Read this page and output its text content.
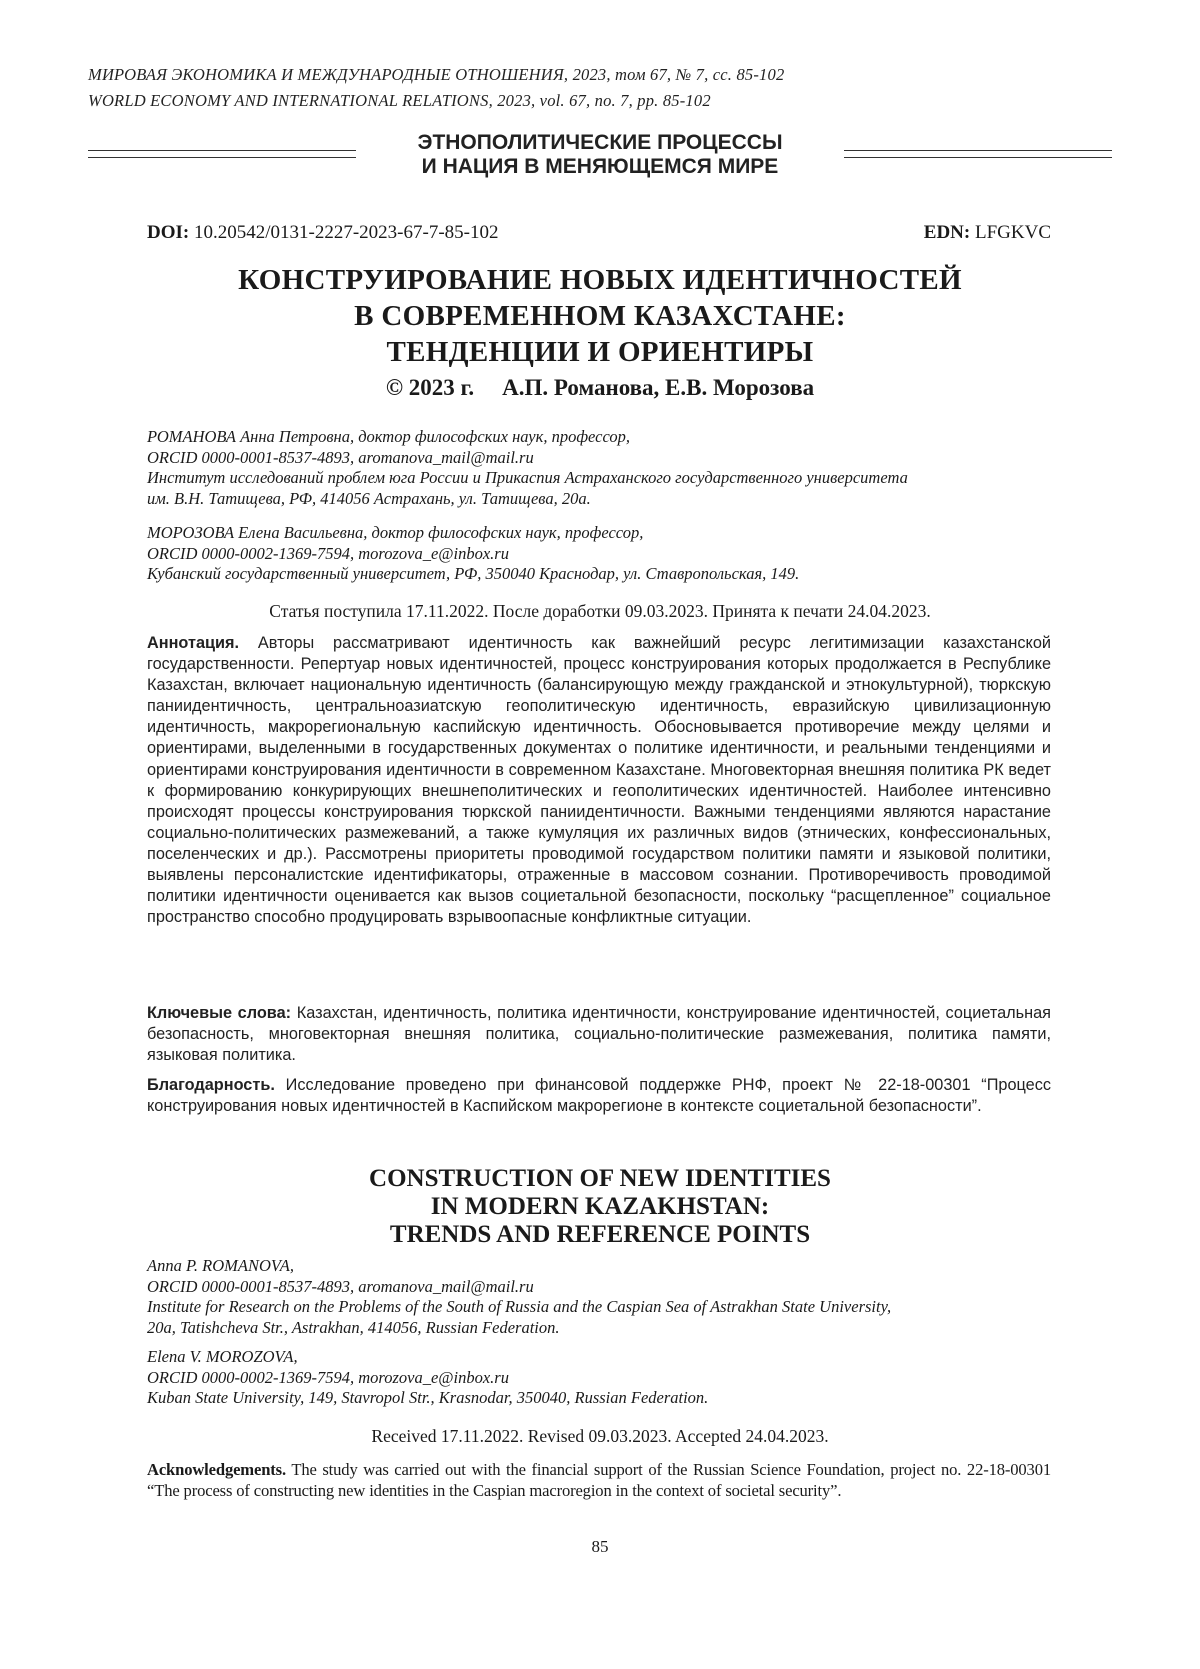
МИРОВАЯ ЭКОНОМИКА И МЕЖДУНАРОДНЫЕ ОТНОШЕНИЯ, 2023, том 67, № 7, сс. 85-102
WORLD ECONOMY AND INTERNATIONAL RELATIONS, 2023, vol. 67, no. 7, pp. 85-102
ЭТНОПОЛИТИЧЕСКИЕ ПРОЦЕССЫ
И НАЦИЯ В МЕНЯЮЩЕМСЯ МИРЕ
DOI: 10.20542/0131-2227-2023-67-7-85-102	EDN: LFGKVC
КОНСТРУИРОВАНИЕ НОВЫХ ИДЕНТИЧНОСТЕЙ
В СОВРЕМЕННОМ КАЗАХСТАНЕ:
ТЕНДЕНЦИИ И ОРИЕНТИРЫ
© 2023 г. А.П. Романова, Е.В. Морозова
РОМАНОВА Анна Петровна, доктор философских наук, профессор,
ORCID 0000-0001-8537-4893, aromanova_mail@mail.ru
Институт исследований проблем юга России и Прикаспия Астраханского государственного университета
им. В.Н. Татищева, РФ, 414056 Астрахань, ул. Татищева, 20а.
МОРОЗОВА Елена Васильевна, доктор философских наук, профессор,
ORCID 0000-0002-1369-7594, morozova_e@inbox.ru
Кубанский государственный университет, РФ, 350040 Краснодар, ул. Ставропольская, 149.
Статья поступила 17.11.2022. После доработки 09.03.2023. Принята к печати 24.04.2023.
Аннотация. Авторы рассматривают идентичность как важнейший ресурс легитимизации казахстанской государственности. Репертуар новых идентичностей, процесс конструирования которых продолжается в Республике Казахстан, включает национальную идентичность (балансирующую между гражданской и этнокультурной), тюркскую паниидентичность, центральноазиатскую геополитическую идентичность, евразийскую цивилизационную идентичность, макрорегиональную каспийскую идентичность. Обосновывается противоречие между целями и ориентирами, выделенными в государственных документах о политике идентичности, и реальными тенденциями и ориентирами конструирования идентичности в современном Казахстане. Многовекторная внешняя политика РК ведет к формированию конкурирующих внешнеполитических и геополитических идентичностей. Наиболее интенсивно происходят процессы конструирования тюркской паниидентичности. Важными тенденциями являются нарастание социально-политических размежеваний, а также кумуляция их различных видов (этнических, конфессиональных, поселенческих и др.). Рассмотрены приоритеты проводимой государством политики памяти и языковой политики, выявлены персоналистские идентификаторы, отраженные в массовом сознании. Противоречивость проводимой политики идентичности оценивается как вызов социетальной безопасности, поскольку “расщепленное” социальное пространство способно продуцировать взрывоопасные конфликтные ситуации.
Ключевые слова: Казахстан, идентичность, политика идентичности, конструирование идентичностей, социетальная безопасность, многовекторная внешняя политика, социально-политические размежевания, политика памяти, языковая политика.
Благодарность. Исследование проведено при финансовой поддержке РНФ, проект № 22-18-00301 “Процесс конструирования новых идентичностей в Каспийском макрорегионе в контексте социетальной безопасности”.
CONSTRUCTION OF NEW IDENTITIES
IN MODERN KAZAKHSTAN:
TRENDS AND REFERENCE POINTS
Anna P. ROMANOVA,
ORCID 0000-0001-8537-4893, aromanova_mail@mail.ru
Institute for Research on the Problems of the South of Russia and the Caspian Sea of Astrakhan State University,
20a, Tatishcheva Str., Astrakhan, 414056, Russian Federation.
Elena V. MOROZOVA,
ORCID 0000-0002-1369-7594, morozova_e@inbox.ru
Kuban State University, 149, Stavropol Str., Krasnodar, 350040, Russian Federation.
Received 17.11.2022. Revised 09.03.2023. Accepted 24.04.2023.
Acknowledgements. The study was carried out with the financial support of the Russian Science Foundation, project no. 22-18-00301 “The process of constructing new identities in the Caspian macroregion in the context of societal security”.
85
